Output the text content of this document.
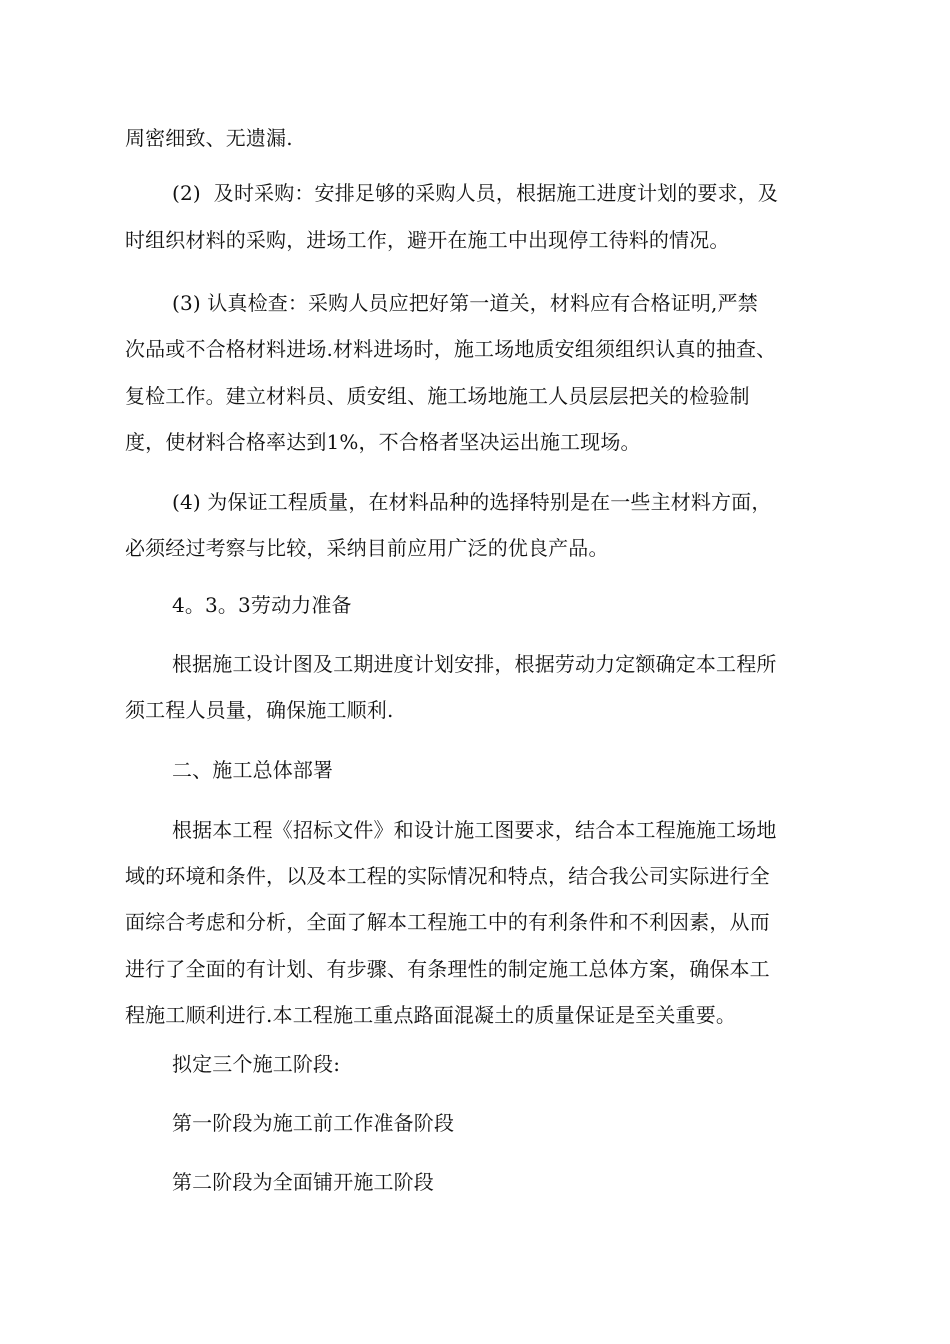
周密细致、无遗漏.
(2)  及时采购：安排足够的采购人员，根据施工进度计划的要求，及
时组织材料的采购，进场工作，避开在施工中出现停工待料的情况。
(3) 认真检查：采购人员应把好第一道关，材料应有合格证明,严禁
次品或不合格材料进场.材料进场时，施工场地质安组须组织认真的抽查、
复检工作。建立材料员、质安组、施工场地施工人员层层把关的检验制
度，使材料合格率达到1%，不合格者坚决运出施工现场。
(4) 为保证工程质量，在材料品种的选择特别是在一些主材料方面，
必须经过考察与比较，采纳目前应用广泛的优良产品。
4。3。3劳动力准备
根据施工设计图及工期进度计划安排，根据劳动力定额确定本工程所
须工程人员量，确保施工顺利.
二、施工总体部署
根据本工程《招标文件》和设计施工图要求，结合本工程施施工场地
域的环境和条件，以及本工程的实际情况和特点，结合我公司实际进行全
面综合考虑和分析，全面了解本工程施工中的有利条件和不利因素，从而
进行了全面的有计划、有步骤、有条理性的制定施工总体方案，确保本工
程施工顺利进行.本工程施工重点路面混凝土的质量保证是至关重要。
拟定三个施工阶段:
第一阶段为施工前工作准备阶段
第二阶段为全面铺开施工阶段
